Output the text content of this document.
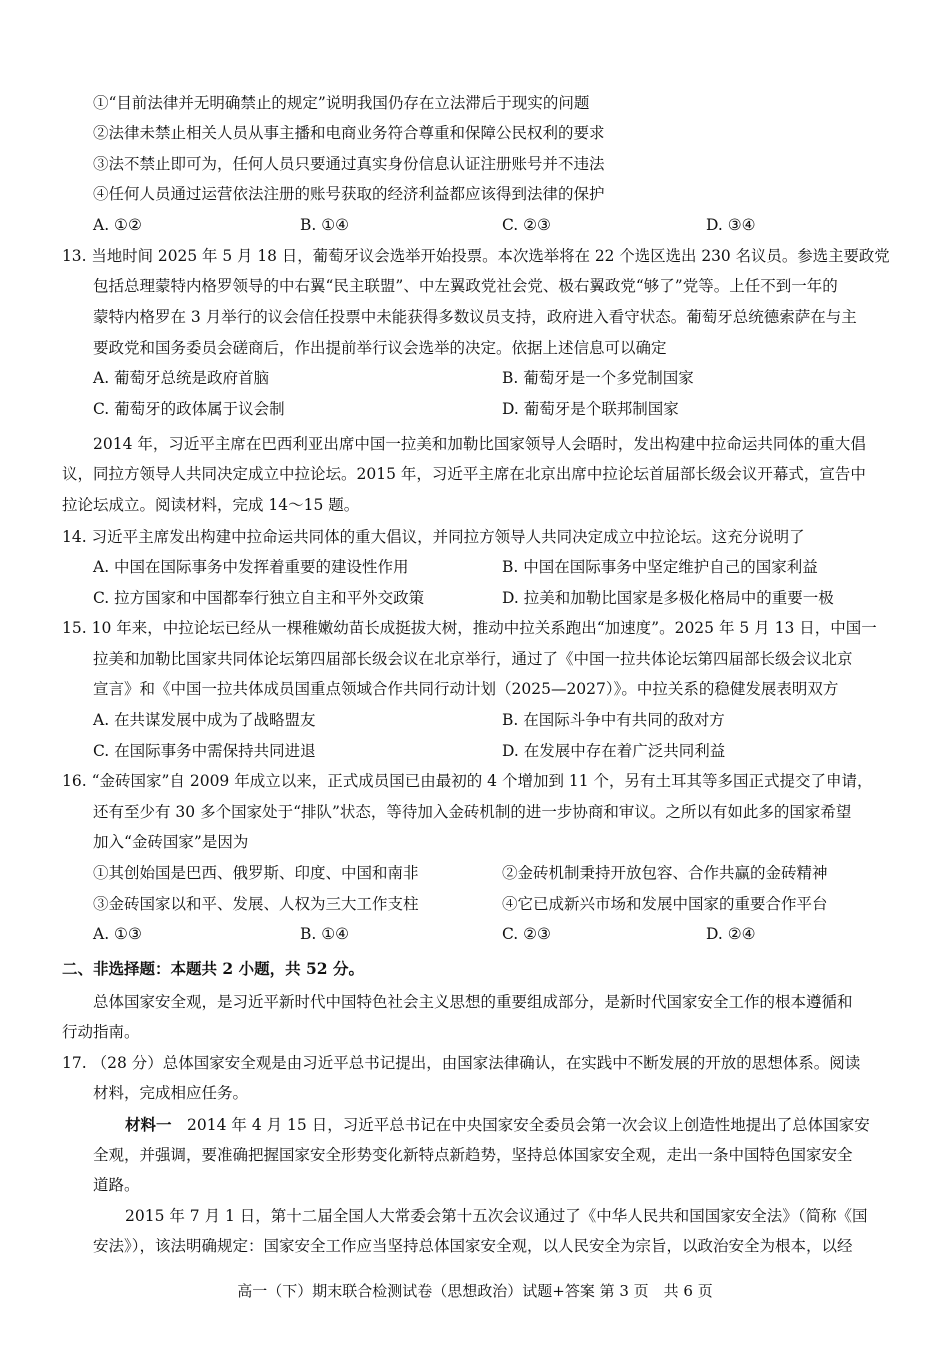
①“目前法律并无明确禁止的规定”说明我国仍存在立法滞后于现实的问题
②法律未禁止相关人员从事主播和电商业务符合尊重和保障公民权利的要求
③法不禁止即可为，任何人员只要通过真实身份信息认证注册账号并不违法
④任何人员通过运营依法注册的账号获取的经济利益都应该得到法律的保护
A. ①②	B. ①④	C. ②③	D. ③④
13. 当地时间 2025 年 5 月 18 日，葡萄牙议会选举开始投票。本次选举将在 22 个选区选出 230 名议员。参选主要政党
包括总理蒙特内格罗领导的中右翼“民主联盟”、中左翼政党社会党、极右翼政党“够了”党等。上任不到一年的
蒙特内格罗在 3 月举行的议会信任投票中未能获得多数议员支持，政府进入看守状态。葡萄牙总统德索萨在与主
要政党和国务委员会磋商后，作出提前举行议会选举的决定。依据上述信息可以确定
A. 葡萄牙总统是政府首脑	B. 葡萄牙是一个多党制国家
C. 葡萄牙的政体属于议会制	D. 葡萄牙是个联邦制国家
2014 年，习近平主席在巴西利亚出席中国一拉美和加勒比国家领导人会晤时，发出构建中拉命运共同体的重大倡
议，同拉方领导人共同决定成立中拉论坛。2015 年，习近平主席在北京出席中拉论坛首届部长级会议开幕式，宣告中
拉论坛成立。阅读材料，完成 14～15 题。
14. 习近平主席发出构建中拉命运共同体的重大倡议，并同拉方领导人共同决定成立中拉论坛。这充分说明了
A. 中国在国际事务中发挥着重要的建设性作用	B. 中国在国际事务中坚定维护自己的国家利益
C. 拉方国家和中国都奉行独立自主和平外交政策	D. 拉美和加勒比国家是多极化格局中的重要一极
15. 10 年来，中拉论坛已经从一棵稚嫩幼苗长成挺拔大树，推动中拉关系跑出“加速度”。2025 年 5 月 13 日，中国一
拉美和加勒比国家共同体论坛第四届部长级会议在北京举行，通过了《中国一拉共体论坛第四届部长级会议北京
宣言》和《中国一拉共体成员国重点领域合作共同行动计划（2025—2027）》。中拉关系的稳健发展表明双方
A. 在共谋发展中成为了战略盟友	B. 在国际斗争中有共同的敌对方
C. 在国际事务中需保持共同进退	D. 在发展中存在着广泛共同利益
16. “金砖国家”自 2009 年成立以来，正式成员国已由最初的 4 个增加到 11 个，另有土耳其等多国正式提交了申请，
还有至少有 30 多个国家处于“排队”状态，等待加入金砖机制的进一步协商和审议。之所以有如此多的国家希望
加入“金砖国家”是因为
①其创始国是巴西、俄罗斯、印度、中国和南非	②金砖机制秉持开放包容、合作共赢的金砖精神
③金砖国家以和平、发展、人权为三大工作支柱	④它已成新兴市场和发展中国家的重要合作平台
A. ①③	B. ①④	C. ②③	D. ②④
二、非选择题：本题共 2 小题，共 52 分。
总体国家安全观，是习近平新时代中国特色社会主义思想的重要组成部分，是新时代国家安全工作的根本遵循和
行动指南。
17. （28 分）总体国家安全观是由习近平总书记提出，由国家法律确认，在实践中不断发展的开放的思想体系。阅读
材料，完成相应任务。
材料一　 2014 年 4 月 15 日，习近平总书记在中央国家安全委员会第一次会议上创造性地提出了总体国家安
全观，并强调，要准确把握国家安全形势变化新特点新趋势，坚持总体国家安全观，走出一条中国特色国家安全
道路。
2015 年 7 月 1 日，第十二届全国人大常委会第十五次会议通过了《中华人民共和国国家安全法》（简称《国
安法》），该法明确规定：国家安全工作应当坚持总体国家安全观，以人民安全为宗旨，以政治安全为根本，以经
高一（下）期末联合检测试卷（思想政治）试题+答案 第 3 页　共 6 页
